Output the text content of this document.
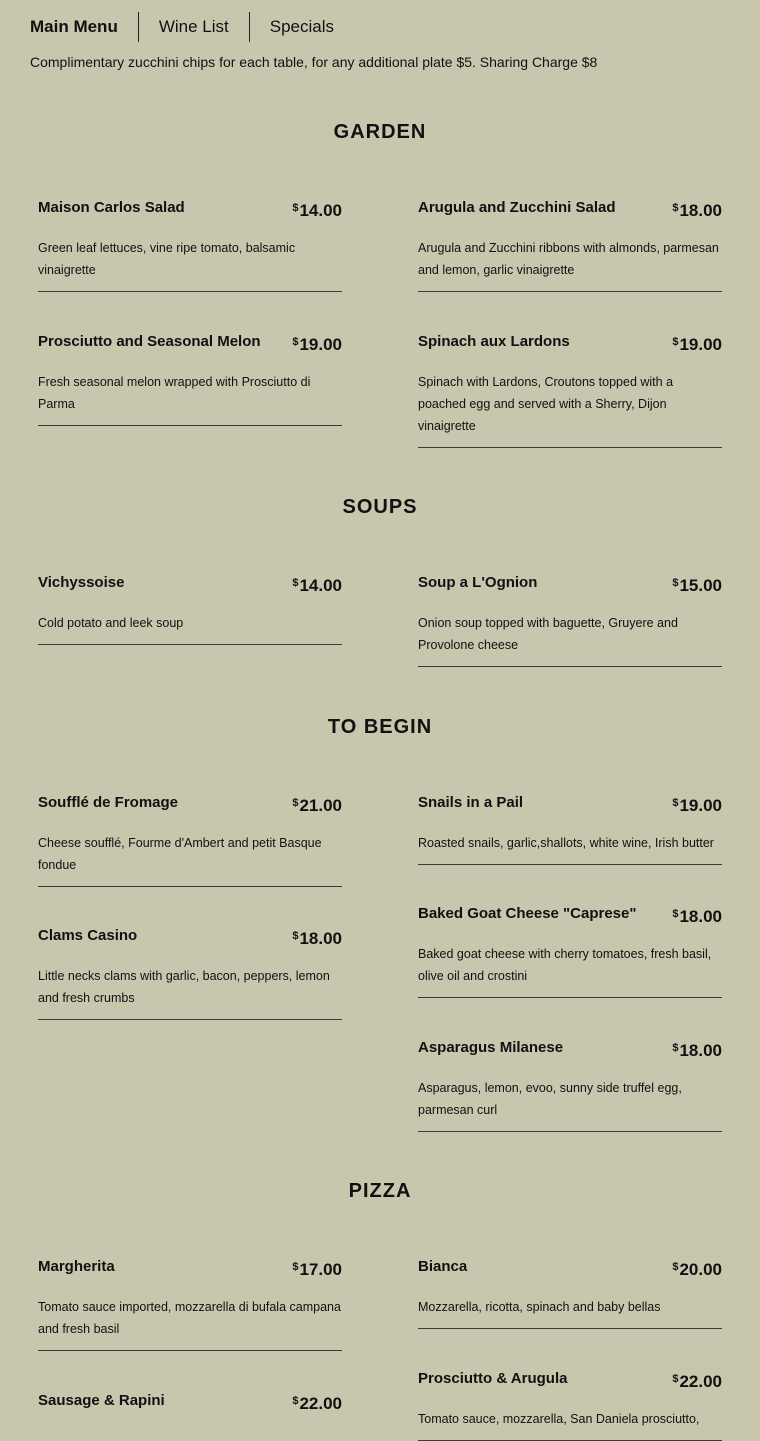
Main Menu	Wine List	Specials
Complimentary zucchini chips for each table, for any additional plate $5. Sharing Charge $8
GARDEN
Maison Carlos Salad	$14.00
Green leaf lettuces, vine ripe tomato, balsamic vinaigrette
Arugula and Zucchini Salad	$18.00
Arugula and Zucchini ribbons with almonds, parmesan and lemon, garlic vinaigrette
Prosciutto and Seasonal Melon	$19.00
Fresh seasonal melon wrapped with Prosciutto di Parma
Spinach aux Lardons	$19.00
Spinach with Lardons, Croutons topped with a poached egg and served with a Sherry, Dijon vinaigrette
SOUPS
Vichyssoise	$14.00
Cold potato and leek soup
Soup a L'Ognion	$15.00
Onion soup topped with baguette, Gruyere and Provolone cheese
TO BEGIN
Soufflé de Fromage	$21.00
Cheese soufflé, Fourme d'Ambert and petit Basque fondue
Snails in a Pail	$19.00
Roasted snails, garlic,shallots, white wine, Irish butter
Clams Casino	$18.00
Little necks clams with garlic, bacon, peppers, lemon and fresh crumbs
Baked Goat Cheese "Caprese"	$18.00
Baked goat cheese with cherry tomatoes, fresh basil, olive oil and crostini
Asparagus Milanese	$18.00
Asparagus, lemon, evoo, sunny side truffel egg, parmesan curl
PIZZA
Margherita	$17.00
Tomato sauce imported, mozzarella di bufala campana and fresh basil
Bianca	$20.00
Mozzarella, ricotta, spinach and baby bellas
Sausage & Rapini	$22.00
Prosciutto & Arugula	$22.00
Tomato sauce, mozzarella, San Daniela prosciutto,
